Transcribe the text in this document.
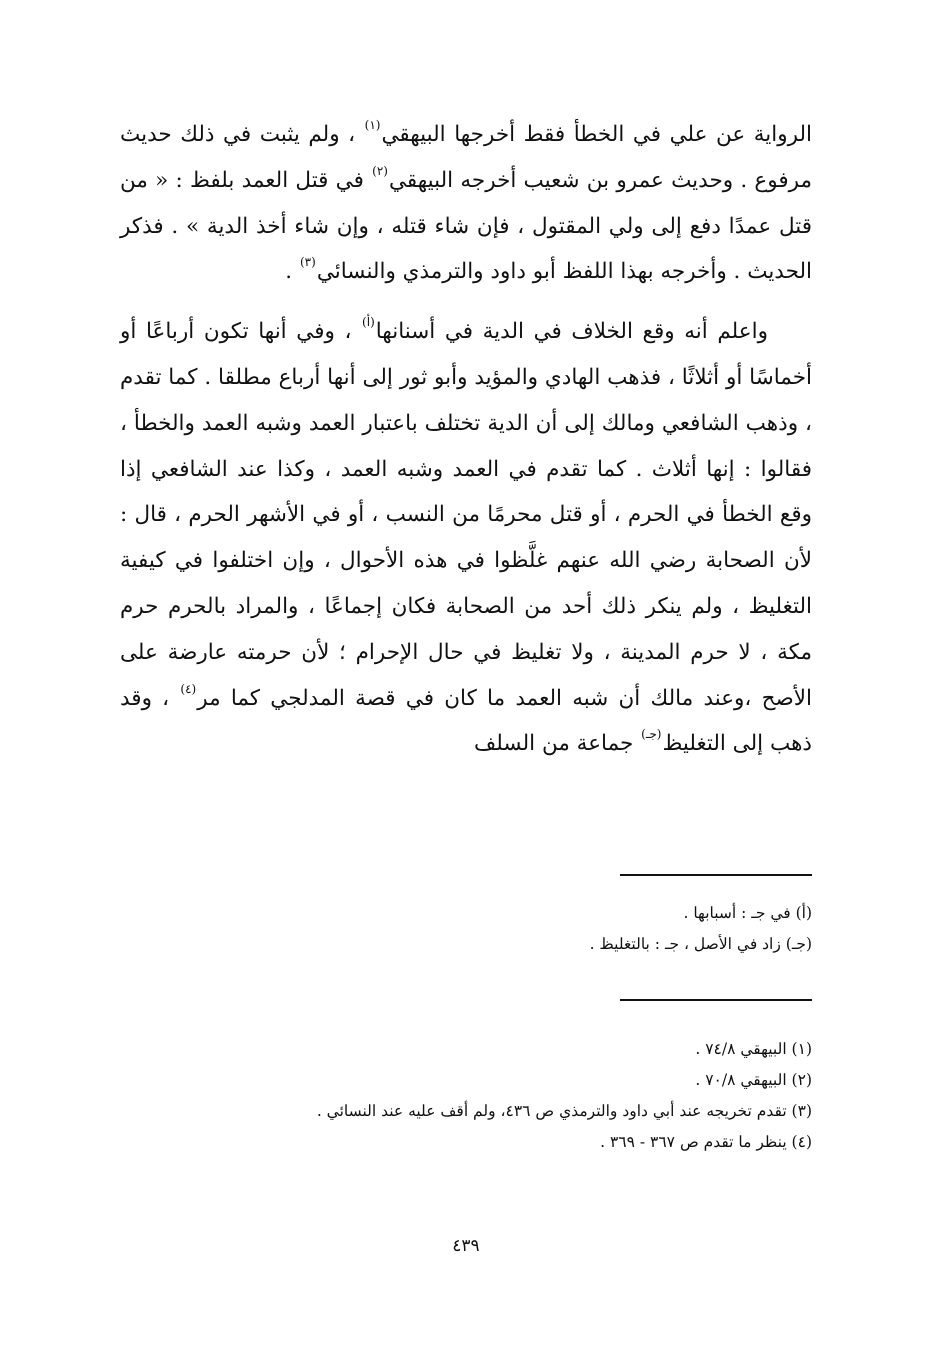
الرواية عن علي في الخطأ فقط أخرجها البيهقي$^{(١)}$ ، ولم يثبت في ذلك حديث مرفوع . وحديث عمرو بن شعيب أخرجه البيهقي$^{(٢)}$ في قتل العمد بلفظ : « من قتل عمدًا دفع إلى ولي المقتول ، فإن شاء قتله ، وإن شاء أخذ الدية » . فذكر الحديث . وأخرجه بهذا اللفظ أبو داود والترمذي والنسائي$^{(٣)}$ .

واعلم أنه وقع الخلاف في الدية في أسنانها$^{(أ)}$ ، وفي أنها تكون أرباعًا أو أخماسًا أو أثلاثًا ، فذهب الهادي والمؤيد وأبو ثور إلى أنها أرباع مطلقا . كما تقدم ، وذهب الشافعي ومالك إلى أن الدية تختلف باعتبار العمد وشبه العمد والخطأ ، فقالوا : إنها أثلاث . كما تقدم في العمد وشبه العمد ، وكذا عند الشافعي إذا وقع الخطأ في الحرم ، أو قتل محرمًا من النسب ، أو في الأشهر الحرم ، قال : لأن الصحابة رضي الله عنهم غلَّظوا في هذه الأحوال ، وإن اختلفوا في كيفية التغليظ ، ولم ينكر ذلك أحد من الصحابة فكان إجماعًا ، والمراد بالحرم حرم مكة ، لا حرم المدينة ، ولا تغليظ في حال الإحرام ؛ لأن حرمته عارضة على الأصح ،وعند مالك أن شبه العمد ما كان في قصة المدلجي كما مر$^{(٤)}$ ، وقد ذهب إلى التغليظ$^{(جـ)}$ جماعة من السلف

(أ) في جـ : أسبابها .

(جـ) زاد في الأصل ، جـ : بالتغليظ .

(١) البيهقي ٧٤/٨ .

(٢) البيهقي ٧٠/٨ .

(٣) تقدم تخريجه عند أبي داود والترمذي ص ٤٣٦، ولم أقف عليه عند النسائي .

(٤) ينظر ما تقدم ص ٣٦٧ - ٣٦٩ .

٤٣٩
